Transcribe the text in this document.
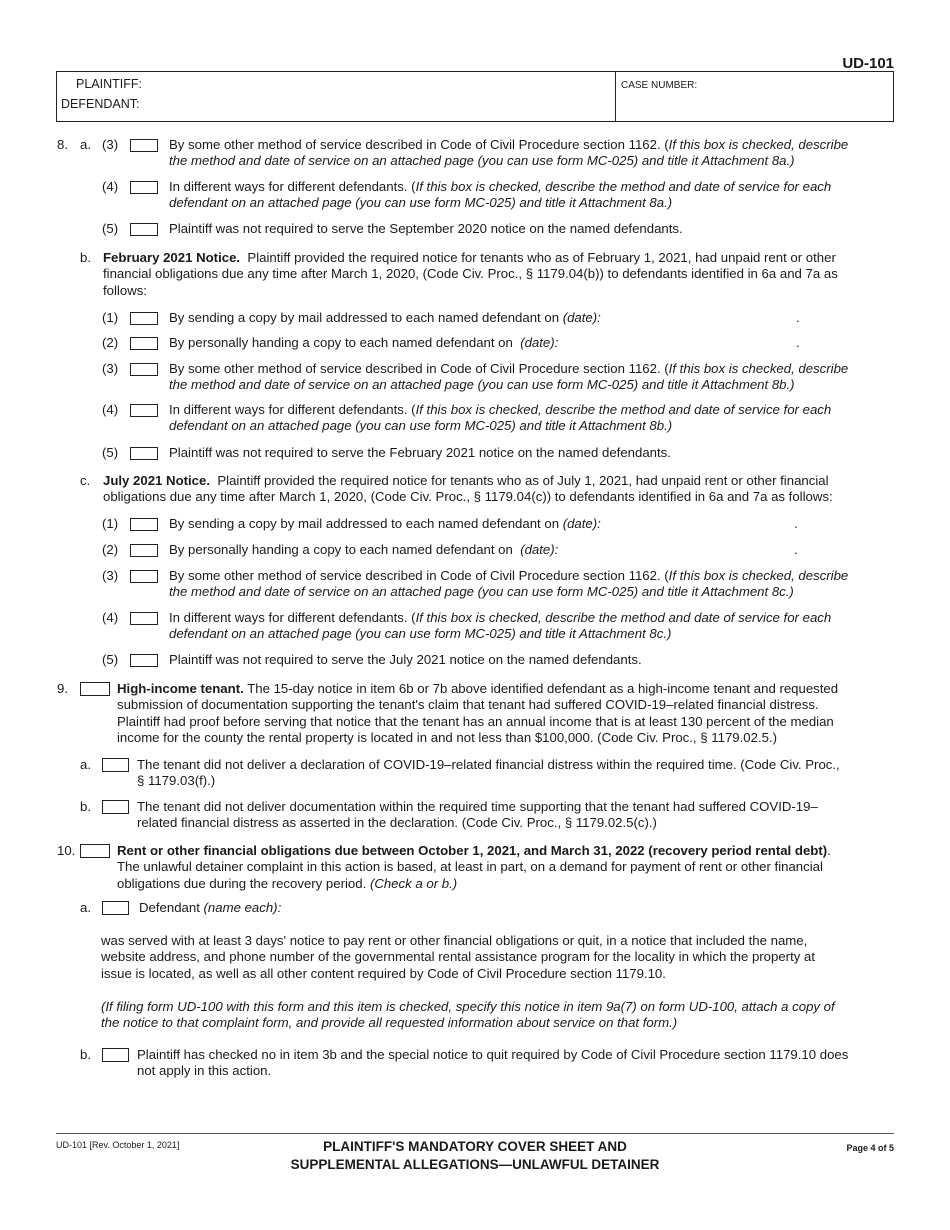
UD-101
PLAINTIFF:
DEFENDANT:
CASE NUMBER:
8. a. (3)	By some other method of service described in Code of Civil Procedure section 1162. (If this box is checked, describe
the method and date of service on an attached page (you can use form MC-025) and title it Attachment 8a.)
(4)	In different ways for different defendants. (If this box is checked, describe the method and date of service for each
defendant on an attached page (you can use form MC-025) and title it Attachment 8a.)
(5)	Plaintiff was not required to serve the September 2020 notice on the named defendants.
b. February 2021 Notice. Plaintiff provided the required notice for tenants who as of February 1, 2021, had unpaid rent or other
financial obligations due any time after March 1, 2020, (Code Civ. Proc., § 1179.04(b)) to defendants identified in 6a and 7a as
follows:
(1)	By sending a copy by mail addressed to each named defendant on (date):	.
(2)	By personally handing a copy to each named defendant on (date):	.
(3)	By some other method of service described in Code of Civil Procedure section 1162. (If this box is checked, describe
the method and date of service on an attached page (you can use form MC-025) and title it Attachment 8b.)
(4)	In different ways for different defendants. (If this box is checked, describe the method and date of service for each
defendant on an attached page (you can use form MC-025) and title it Attachment 8b.)
(5)	Plaintiff was not required to serve the February 2021 notice on the named defendants.
c. July 2021 Notice. Plaintiff provided the required notice for tenants who as of July 1, 2021, had unpaid rent or other financial
obligations due any time after March 1, 2020, (Code Civ. Proc., § 1179.04(c)) to defendants identified in 6a and 7a as follows:
(1)	By sending a copy by mail addressed to each named defendant on (date):	.
(2)	By personally handing a copy to each named defendant on (date):	.
(3)	By some other method of service described in Code of Civil Procedure section 1162. (If this box is checked, describe
the method and date of service on an attached page (you can use form MC-025) and title it Attachment 8c.)
(4)	In different ways for different defendants. (If this box is checked, describe the method and date of service for each
defendant on an attached page (you can use form MC-025) and title it Attachment 8c.)
(5)	Plaintiff was not required to serve the July 2021 notice on the named defendants.
9.	High-income tenant. The 15-day notice in item 6b or 7b above identified defendant as a high-income tenant and requested
submission of documentation supporting the tenant's claim that tenant had suffered COVID-19–related financial distress.
Plaintiff had proof before serving that notice that the tenant has an annual income that is at least 130 percent of the median
income for the county the rental property is located in and not less than $100,000. (Code Civ. Proc., § 1179.02.5.)
a.	The tenant did not deliver a declaration of COVID-19–related financial distress within the required time. (Code Civ. Proc.,
§ 1179.03(f).)
b.	The tenant did not deliver documentation within the required time supporting that the tenant had suffered COVID-19–
related financial distress as asserted in the declaration. (Code Civ. Proc., § 1179.02.5(c).)
10.	Rent or other financial obligations due between October 1, 2021, and March 31, 2022 (recovery period rental debt).
The unlawful detainer complaint in this action is based, at least in part, on a demand for payment of rent or other financial
obligations due during the recovery period. (Check a or b.)
a.	Defendant (name each):
was served with at least 3 days' notice to pay rent or other financial obligations or quit, in a notice that included the name,
website address, and phone number of the governmental rental assistance program for the locality in which the property at
issue is located, as well as all other content required by Code of Civil Procedure section 1179.10.
(If filing form UD-100 with this form and this item is checked, specify this notice in item 9a(7) on form UD-100, attach a copy of
the notice to that complaint form, and provide all requested information about service on that form.)
b.	Plaintiff has checked no in item 3b and the special notice to quit required by Code of Civil Procedure section 1179.10 does
not apply in this action.
UD-101 [Rev. October 1, 2021]	PLAINTIFF'S MANDATORY COVER SHEET AND
SUPPLEMENTAL ALLEGATIONS—UNLAWFUL DETAINER
Page 4 of 5
